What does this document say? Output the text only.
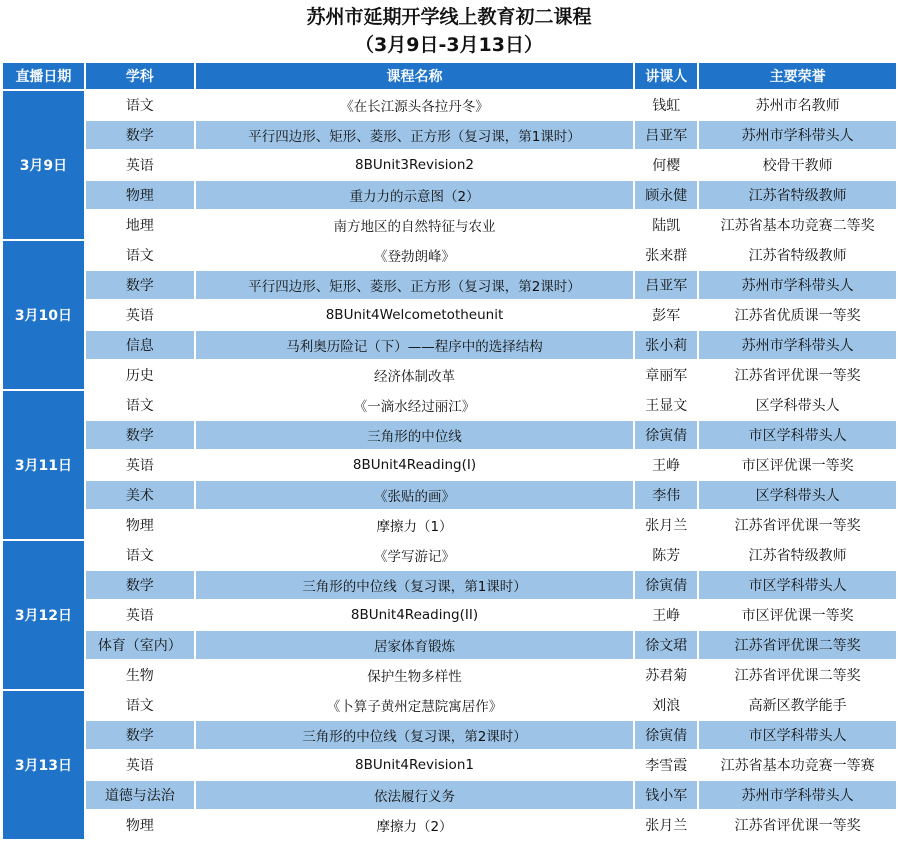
苏州市延期开学线上教育初二课程
（3月9日-3月13日）
直播日期	学科	课程名称	讲课人	主要荣誉
3月9日	语文	《在长江源头各拉丹冬》	钱虹	苏州市名教师
	数学	平行四边形、矩形、菱形、正方形（复习课，第1课时）	吕亚军	苏州市学科带头人
	英语	8BUnit3Revision2	何樱	校骨干教师
	物理	重力力的示意图（2）	顾永健	江苏省特级教师
	地理	南方地区的自然特征与农业	陆凯	江苏省基本功竞赛二等奖
3月10日	语文	《登勃朗峰》	张来群	江苏省特级教师
	数学	平行四边形、矩形、菱形、正方形（复习课，第2课时）	吕亚军	苏州市学科带头人
	英语	8BUnit4Welcometotheunit	彭军	江苏省优质课一等奖
	信息	马利奥历险记（下）——程序中的选择结构	张小莉	苏州市学科带头人
	历史	经济体制改革	章丽军	江苏省评优课一等奖
3月11日	语文	《一滴水经过丽江》	王显文	区学科带头人
	数学	三角形的中位线	徐寅倩	市区学科带头人
	英语	8BUnit4Reading(I)	王峥	市区评优课一等奖
	美术	《张贴的画》	李伟	区学科带头人
	物理	摩擦力（1）	张月兰	江苏省评优课一等奖
3月12日	语文	《学写游记》	陈芳	江苏省特级教师
	数学	三角形的中位线（复习课，第1课时）	徐寅倩	市区学科带头人
	英语	8BUnit4Reading(II)	王峥	市区评优课一等奖
	体育（室内）	居家体育锻炼	徐文珺	江苏省评优课二等奖
	生物	保护生物多样性	苏君菊	江苏省评优课二等奖
3月13日	语文	《卜算子黄州定慧院寓居作》	刘浪	高新区教学能手
	数学	三角形的中位线（复习课，第2课时）	徐寅倩	市区学科带头人
	英语	8BUnit4Revision1	李雪霞	江苏省基本功竞赛一等赛
	道德与法治	依法履行义务	钱小军	苏州市学科带头人
	物理	摩擦力（2）	张月兰	江苏省评优课一等奖
